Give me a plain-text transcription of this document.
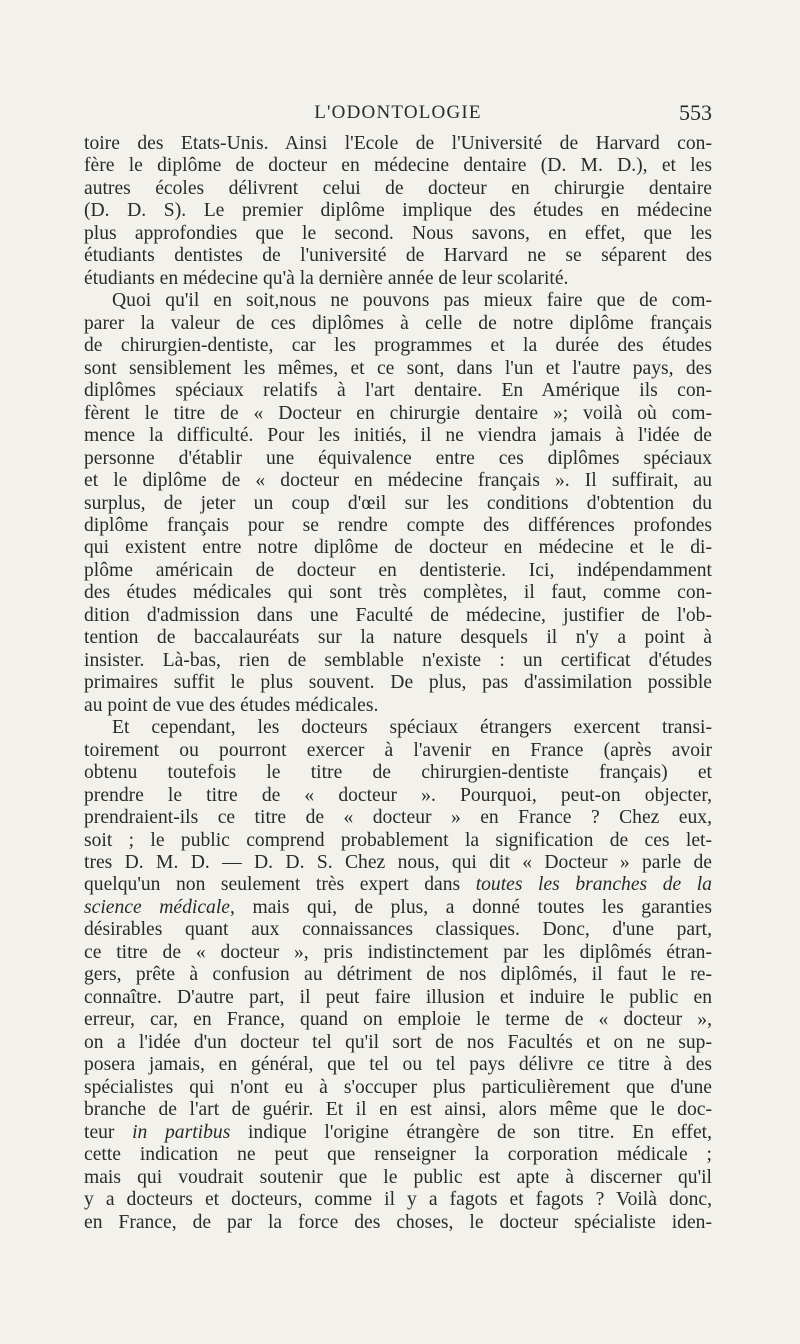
L'ODONTOLOGIE	553
toire des Etats-Unis. Ainsi l'Ecole de l'Université de Harvard con-
fère le diplôme de docteur en médecine dentaire (D. M. D.), et les
autres écoles délivrent celui de docteur en chirurgie dentaire
(D. D. S). Le premier diplôme implique des études en médecine
plus approfondies que le second. Nous savons, en effet, que les
étudiants dentistes de l'université de Harvard ne se séparent des
étudiants en médecine qu'à la dernière année de leur scolarité.
Quoi qu'il en soit,nous ne pouvons pas mieux faire que de com-
parer la valeur de ces diplômes à celle de notre diplôme français
de chirurgien-dentiste, car les programmes et la durée des études
sont sensiblement les mêmes, et ce sont, dans l'un et l'autre pays, des
diplômes spéciaux relatifs à l'art dentaire. En Amérique ils con-
fèrent le titre de « Docteur en chirurgie dentaire »; voilà où com-
mence la difficulté. Pour les initiés, il ne viendra jamais à l'idée de
personne d'établir une équivalence entre ces diplômes spéciaux
et le diplôme de « docteur en médecine français ». Il suffirait, au
surplus, de jeter un coup d'œil sur les conditions d'obtention du
diplôme français pour se rendre compte des différences profondes
qui existent entre notre diplôme de docteur en médecine et le di-
plôme américain de docteur en dentisterie. Ici, indépendamment
des études médicales qui sont très complètes, il faut, comme con-
dition d'admission dans une Faculté de médecine, justifier de l'ob-
tention de baccalauréats sur la nature desquels il n'y a point à
insister. Là-bas, rien de semblable n'existe : un certificat d'études
primaires suffit le plus souvent. De plus, pas d'assimilation possible
au point de vue des études médicales.
Et cependant, les docteurs spéciaux étrangers exercent transi-
toirement ou pourront exercer à l'avenir en France (après avoir
obtenu toutefois le titre de chirurgien-dentiste français) et
prendre le titre de « docteur ». Pourquoi, peut-on objecter,
prendraient-ils ce titre de « docteur » en France ? Chez eux,
soit ; le public comprend probablement la signification de ces let-
tres D. M. D. — D. D. S. Chez nous, qui dit « Docteur » parle de
quelqu'un non seulement très expert dans toutes les branches de la
science médicale, mais qui, de plus, a donné toutes les garanties
désirables quant aux connaissances classiques. Donc, d'une part,
ce titre de « docteur », pris indistinctement par les diplômés étran-
gers, prête à confusion au détriment de nos diplômés, il faut le re-
connaître. D'autre part, il peut faire illusion et induire le public en
erreur, car, en France, quand on emploie le terme de « docteur »,
on a l'idée d'un docteur tel qu'il sort de nos Facultés et on ne sup-
posera jamais, en général, que tel ou tel pays délivre ce titre à des
spécialistes qui n'ont eu à s'occuper plus particulièrement que d'une
branche de l'art de guérir. Et il en est ainsi, alors même que le doc-
teur in partibus indique l'origine étrangère de son titre. En effet,
cette indication ne peut que renseigner la corporation médicale ;
mais qui voudrait soutenir que le public est apte à discerner qu'il
y a docteurs et docteurs, comme il y a fagots et fagots ? Voilà donc,
en France, de par la force des choses, le docteur spécialiste iden-
